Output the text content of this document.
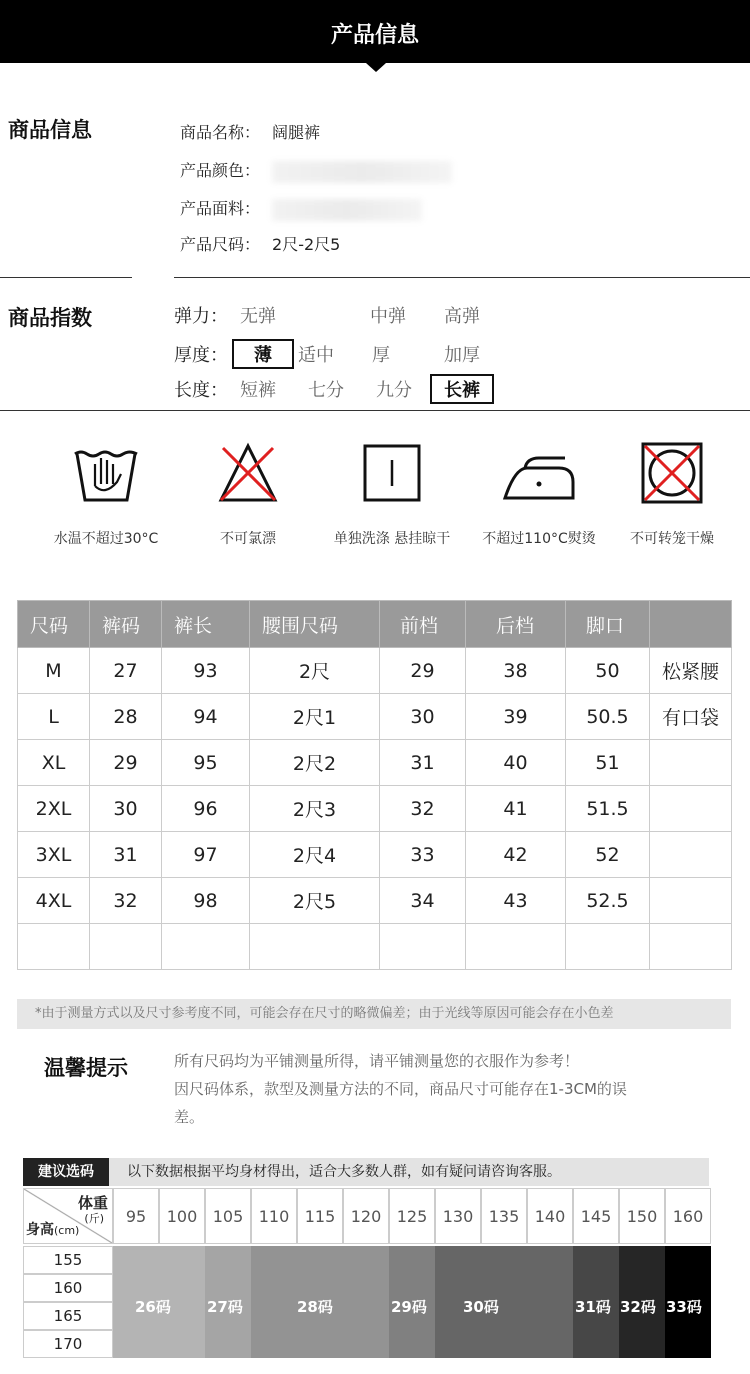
产品信息
商品信息	商品名称： 阔腿裤
产品颜色：
产品面料：
产品尺码： 2尺-2尺5
商品指数	弹力： 无弹	中弹 高弹
厚度：	薄	适中 厚	加厚
长度： 短裤 七分 九分	长裤
水温不超过30°C	不可氯漂	单独洗涤 悬挂晾干	不超过110°C熨烫	不可转笼干燥
尺码	裤码	裤长	腰围尺码	前档	后档	脚口	
M	27	93	2尺	29	38	50	松紧腰
L	28	94	2尺1	30	39	50.5	有口袋
XL	29	95	2尺2	31	40	51	
2XL	30	96	2尺3	32	41	51.5	
3XL	31	97	2尺4	33	42	52	
4XL	32	98	2尺5	34	43	52.5	

*由于测量方式以及尺寸参考度不同，可能会存在尺寸的略微偏差；由于光线等原因可能会存在小色差
温馨提示	所有尺码均为平铺测量所得，请平铺测量您的衣服作为参考！
因尺码体系，款型及测量方法的不同，商品尺寸可能存在1-3CM的误
差。
建议选码	以下数据根据平均身材得出，适合大多数人群，如有疑问请咨询客服。
体重
(斤)
身高(cm)
95	100 105 110 115 120 125 130 135 140 145 150 160
155
160
165
170
26码 27码	28码	29码 30码	31码 32码 33码
